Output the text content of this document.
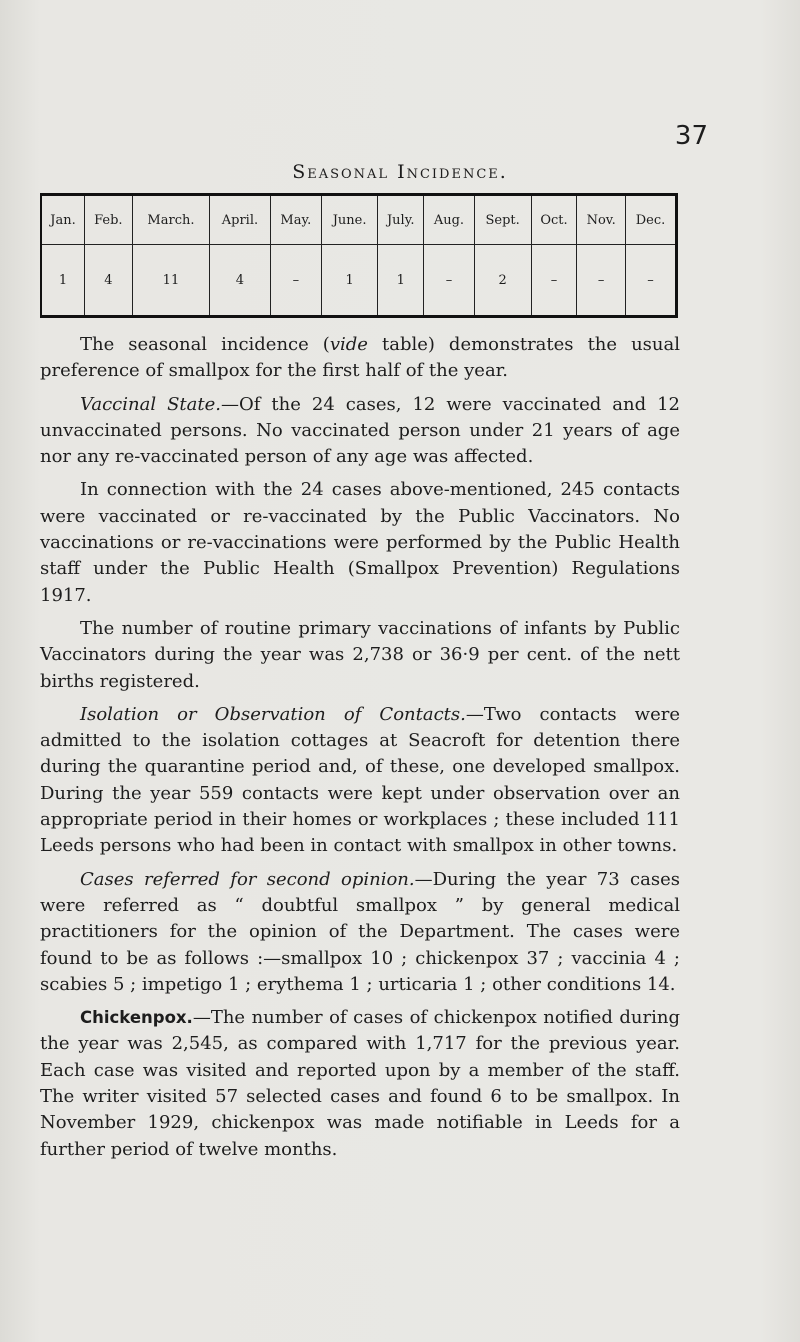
37
Seasonal Incidence.
Jan.	Feb.	March.	April.	May.	June.	July.	Aug.	Sept.	Oct.	Nov.	Dec.
1	4	11	4	–	1	1	–	2	–	–	–

The seasonal incidence (vide table) demonstrates the usual preference of smallpox for the first half of the year.

Vaccinal State.—Of the 24 cases, 12 were vaccinated and 12 unvaccinated persons. No vaccinated person under 21 years of age nor any re-vaccinated person of any age was affected.

In connection with the 24 cases above-mentioned, 245 contacts were vaccinated or re-vaccinated by the Public Vaccinators. No vaccinations or re-vaccinations were performed by the Public Health staff under the Public Health (Smallpox Prevention) Regulations 1917.

The number of routine primary vaccinations of infants by Public Vaccinators during the year was 2,738 or 36·9 per cent. of the nett births registered.

Isolation or Observation of Contacts.—Two contacts were admitted to the isolation cottages at Seacroft for detention there during the quarantine period and, of these, one developed smallpox. During the year 559 contacts were kept under observation over an appropriate period in their homes or workplaces ; these included 111 Leeds persons who had been in contact with smallpox in other towns.

Cases referred for second opinion.—During the year 73 cases were referred as “ doubtful smallpox ” by general medical practitioners for the opinion of the Department. The cases were found to be as follows :—smallpox 10 ; chickenpox 37 ; vaccinia 4 ; scabies 5 ; impetigo 1 ; erythema 1 ; urticaria 1 ; other conditions 14.

Chickenpox.—The number of cases of chickenpox notified during the year was 2,545, as compared with 1,717 for the previous year. Each case was visited and reported upon by a member of the staff. The writer visited 57 selected cases and found 6 to be smallpox. In November 1929, chickenpox was made notifiable in Leeds for a further period of twelve months.
